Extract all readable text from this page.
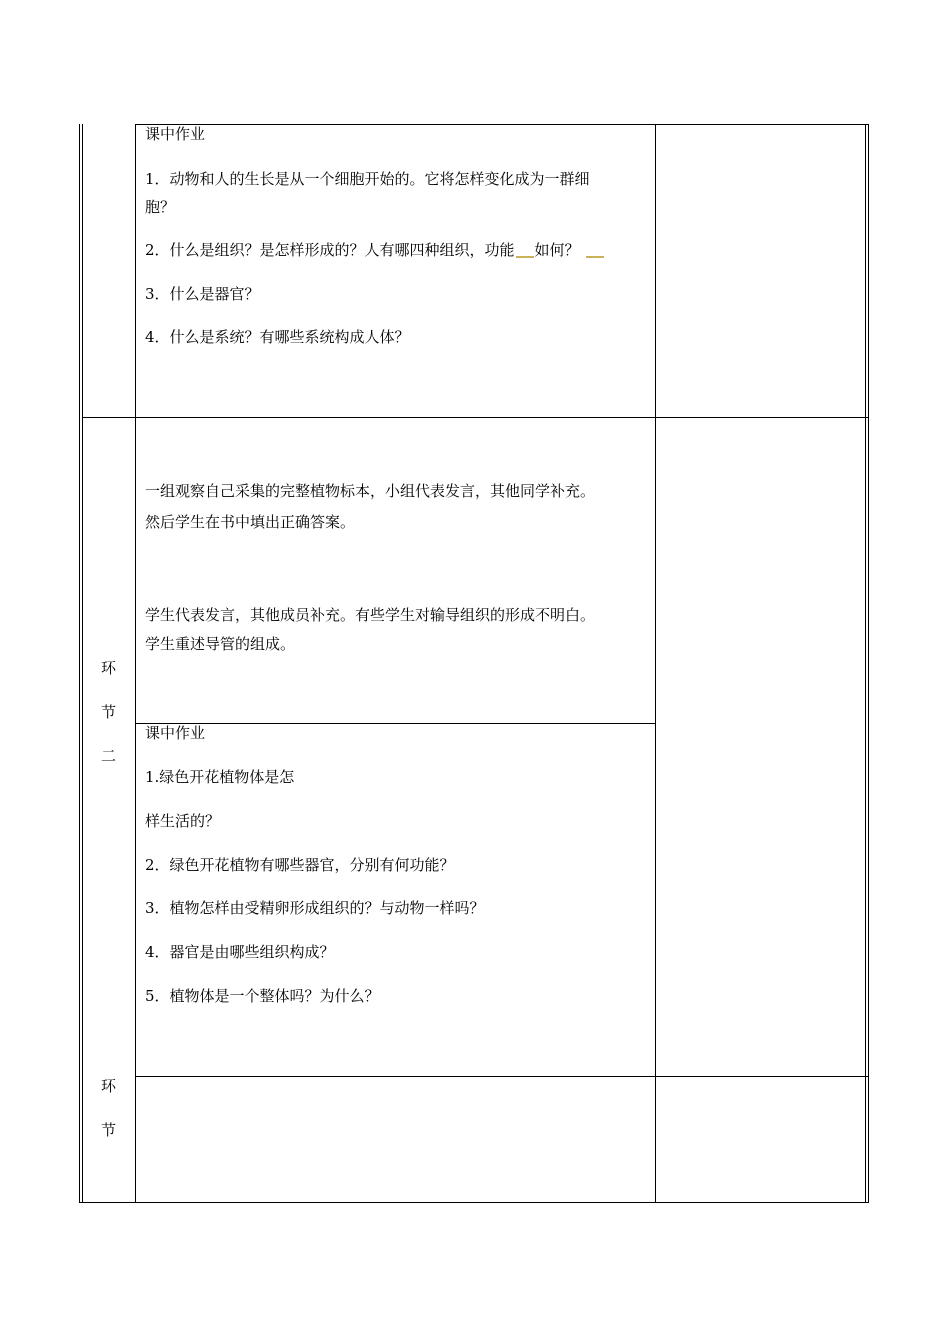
课中作业
1．动物和人的生长是从一个细胞开始的。它将怎样变化成为一群细
胞？
2．什么是组织？是怎样形成的？人有哪四种组织，功能 如何？
3．什么是器官？
4．什么是系统？有哪些系统构成人体？
环
节
二
一组观察自己采集的完整植物标本，小组代表发言，其他同学补充。
然后学生在书中填出正确答案。
学生代表发言，其他成员补充。有些学生对输导组织的形成不明白。
学生重述导管的组成。
课中作业
1.绿色开花植物体是怎
样生活的？
2．绿色开花植物有哪些器官，分别有何功能？
3．植物怎样由受精卵形成组织的？与动物一样吗？
4．器官是由哪些组织构成？
5．植物体是一个整体吗？为什么？
环
节
